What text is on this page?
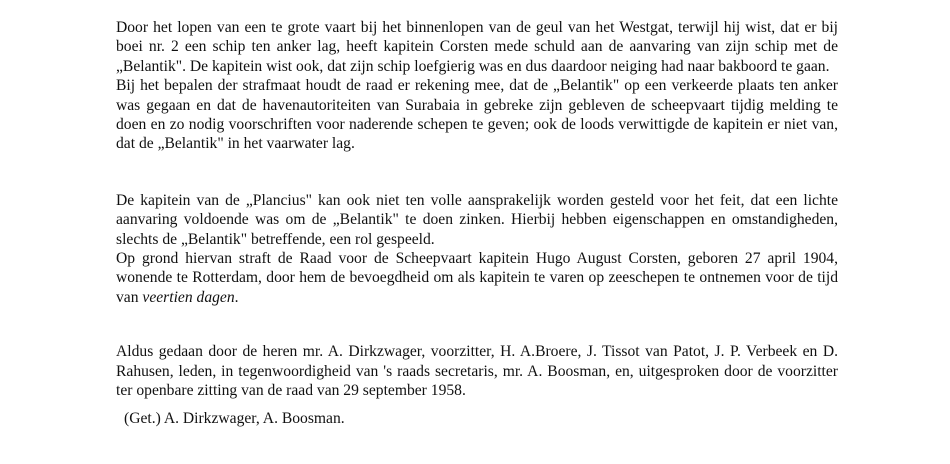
Door het lopen van een te grote vaart bij het binnenlopen van de geul van het Westgat, terwijl hij wist, dat er bij boei nr. 2 een schip ten anker lag, heeft kapitein Corsten mede schuld aan de aanvaring van zijn schip met de „Belantik". De kapitein wist ook, dat zijn schip loefgierig was en dus daardoor neiging had naar bakboord te gaan.

Bij het bepalen der strafmaat houdt de raad er rekening mee, dat de „Belantik" op een verkeerde plaats ten anker was gegaan en dat de havenautoriteiten van Surabaia in gebreke zijn gebleven de scheepvaart tijdig melding te doen en zo nodig voorschriften voor naderende schepen te geven; ook de loods verwittigde de kapitein er niet van, dat de „Belantik" in het vaarwater lag.

De kapitein van de „Plancius" kan ook niet ten volle aansprakelijk worden gesteld voor het feit, dat een lichte aanvaring voldoende was om de „Belantik" te doen zinken. Hierbij hebben eigenschappen en omstandigheden, slechts de „Belantik" betreffende, een rol gespeeld.

Op grond hiervan straft de Raad voor de Scheepvaart kapitein Hugo August Corsten, geboren 27 april 1904, wonende te Rotterdam, door hem de bevoegdheid om als kapitein te varen op zeeschepen te ontnemen voor de tijd van veertien dagen.

Aldus gedaan door de heren mr. A. Dirkzwager, voorzitter, H. A.Broere, J. Tissot van Patot, J. P. Verbeek en D. Rahusen, leden, in tegenwoordigheid van 's raads secretaris, mr. A. Boosman, en, uitgesproken door de voorzitter ter openbare zitting van de raad van 29 september 1958.

(Get.) A. Dirkzwager, A. Boosman.
